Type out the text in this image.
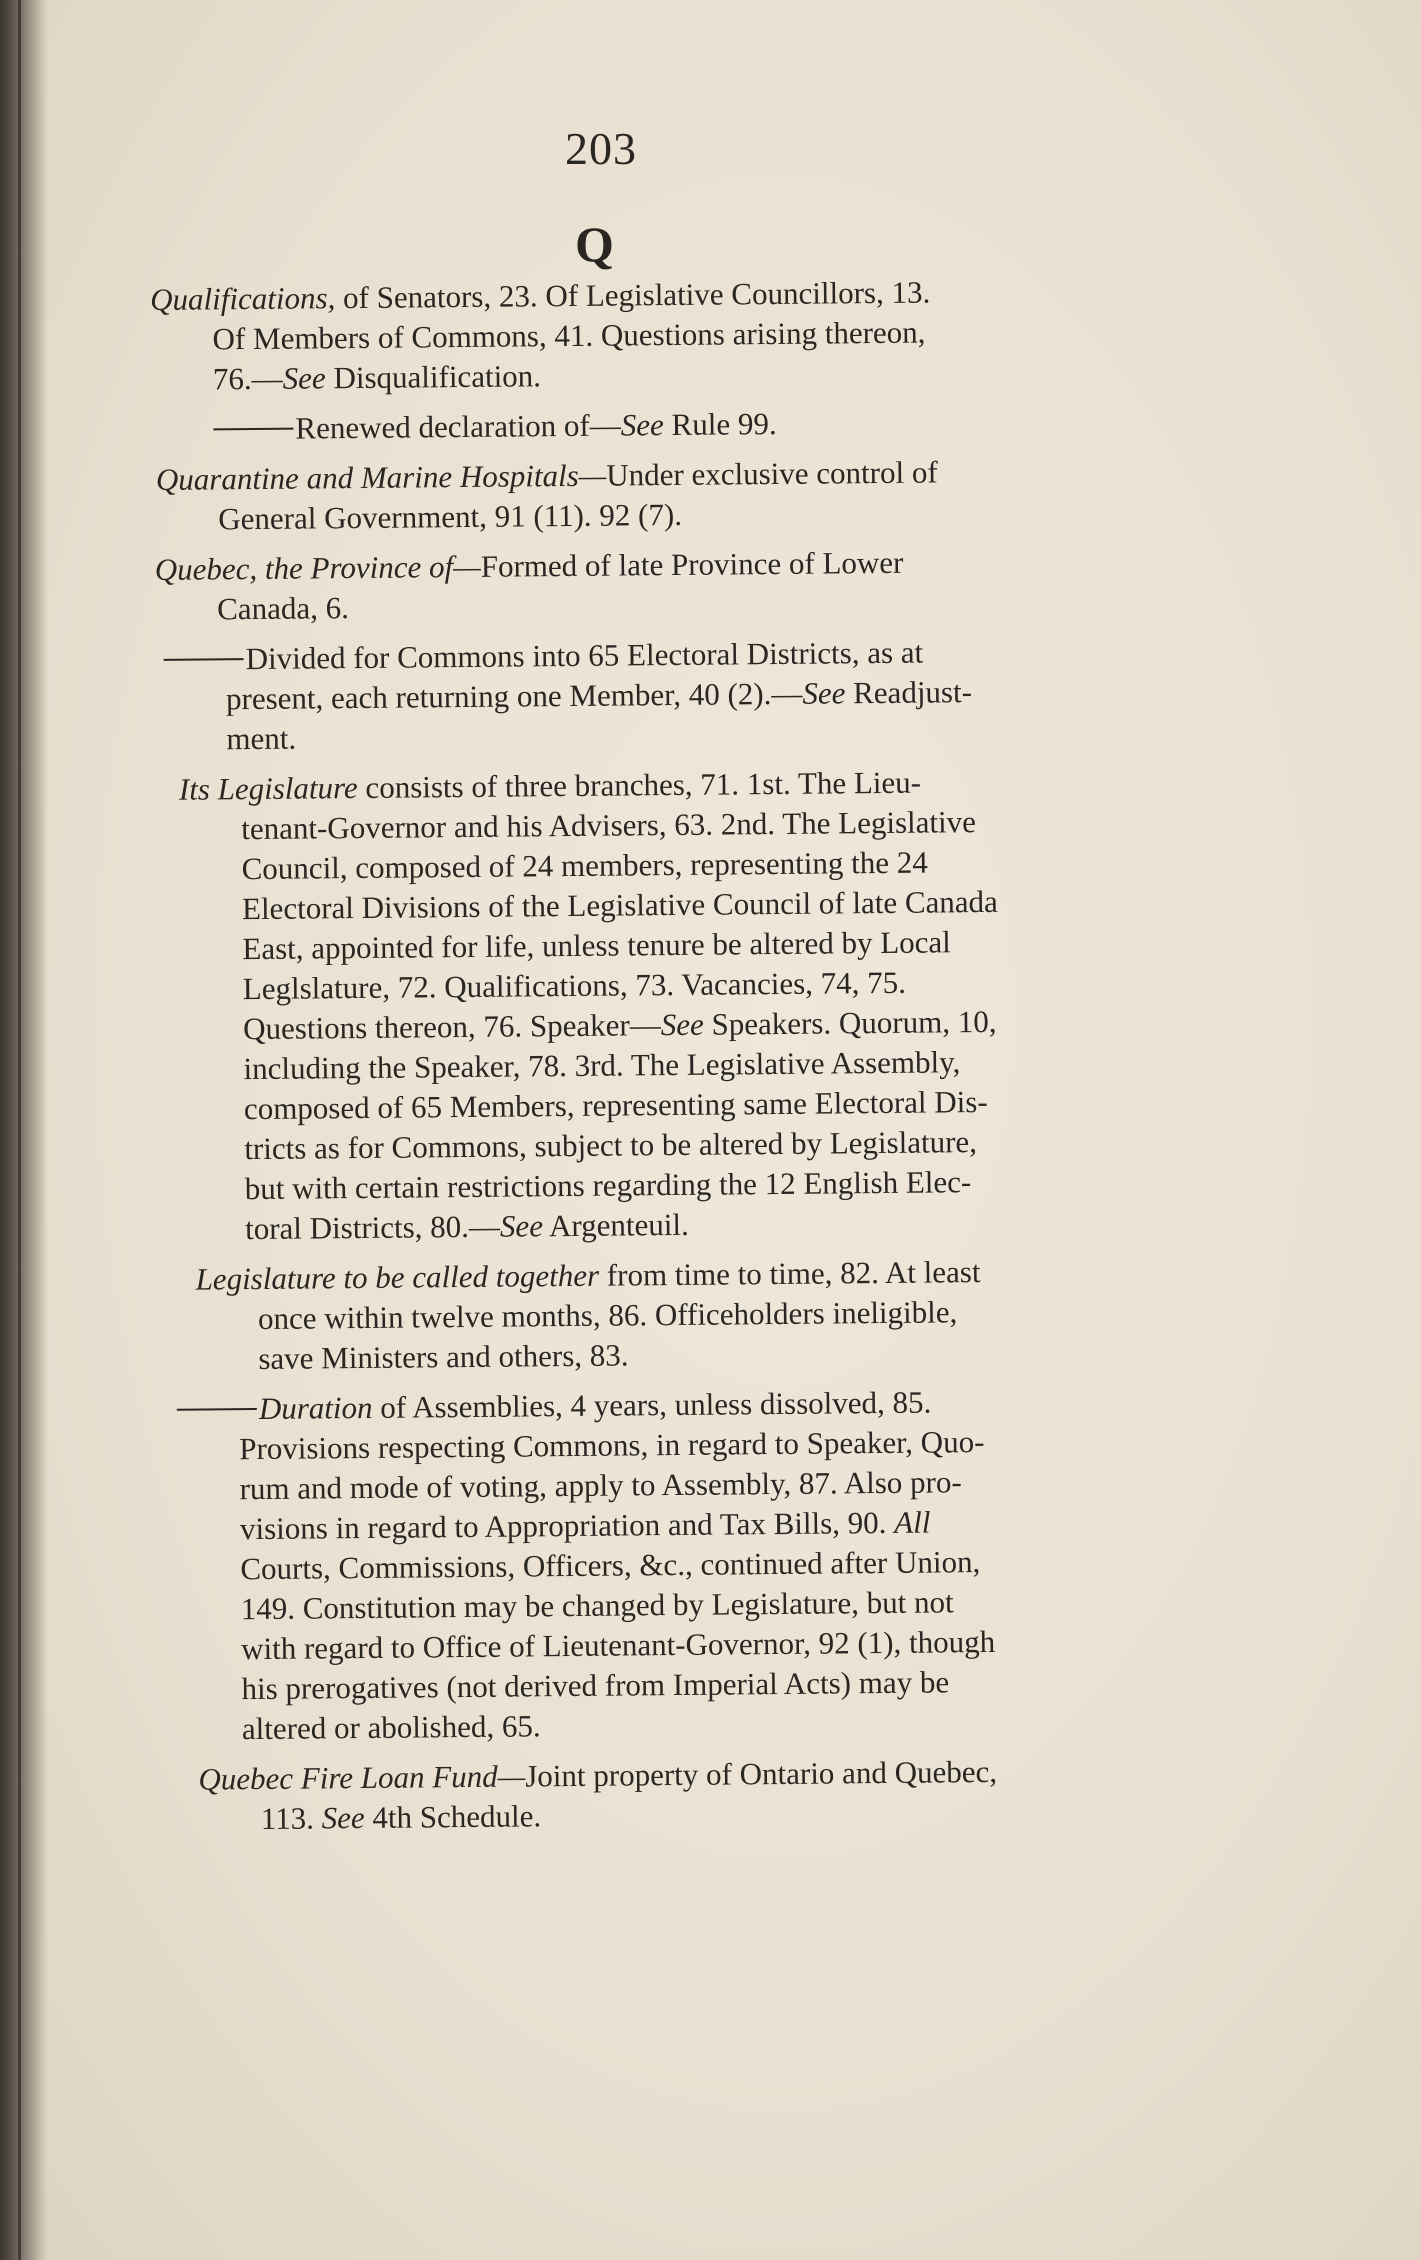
203
Q
Qualifications, of Senators, 23. Of Legislative Councillors, 13.
Of Members of Commons, 41. Questions arising thereon,
76.—See Disqualification.
Renewed declaration of—See Rule 99.
Quarantine and Marine Hospitals—Under exclusive control of
General Government, 91 (11). 92 (7).
Quebec, the Province of—Formed of late Province of Lower
Canada, 6.
Divided for Commons into 65 Electoral Districts, as at
present, each returning one Member, 40 (2).—See Readjust-
ment.
Its Legislature consists of three branches, 71. 1st. The Lieu-
tenant-Governor and his Advisers, 63. 2nd. The Legislative
Council, composed of 24 members, representing the 24
Electoral Divisions of the Legislative Council of late Canada
East, appointed for life, unless tenure be altered by Local
Leglslature, 72. Qualifications, 73. Vacancies, 74, 75.
Questions thereon, 76. Speaker—See Speakers. Quorum, 10,
including the Speaker, 78. 3rd. The Legislative Assembly,
composed of 65 Members, representing same Electoral Dis-
tricts as for Commons, subject to be altered by Legislature,
but with certain restrictions regarding the 12 English Elec-
toral Districts, 80.—See Argenteuil.
Legislature to be called together from time to time, 82. At least
once within twelve months, 86. Officeholders ineligible,
save Ministers and others, 83.
Duration of Assemblies, 4 years, unless dissolved, 85.
Provisions respecting Commons, in regard to Speaker, Quo-
rum and mode of voting, apply to Assembly, 87. Also pro-
visions in regard to Appropriation and Tax Bills, 90. All
Courts, Commissions, Officers, &c., continued after Union,
149. Constitution may be changed by Legislature, but not
with regard to Office of Lieutenant-Governor, 92 (1), though
his prerogatives (not derived from Imperial Acts) may be
altered or abolished, 65.
Quebec Fire Loan Fund—Joint property of Ontario and Quebec,
113. See 4th Schedule.
